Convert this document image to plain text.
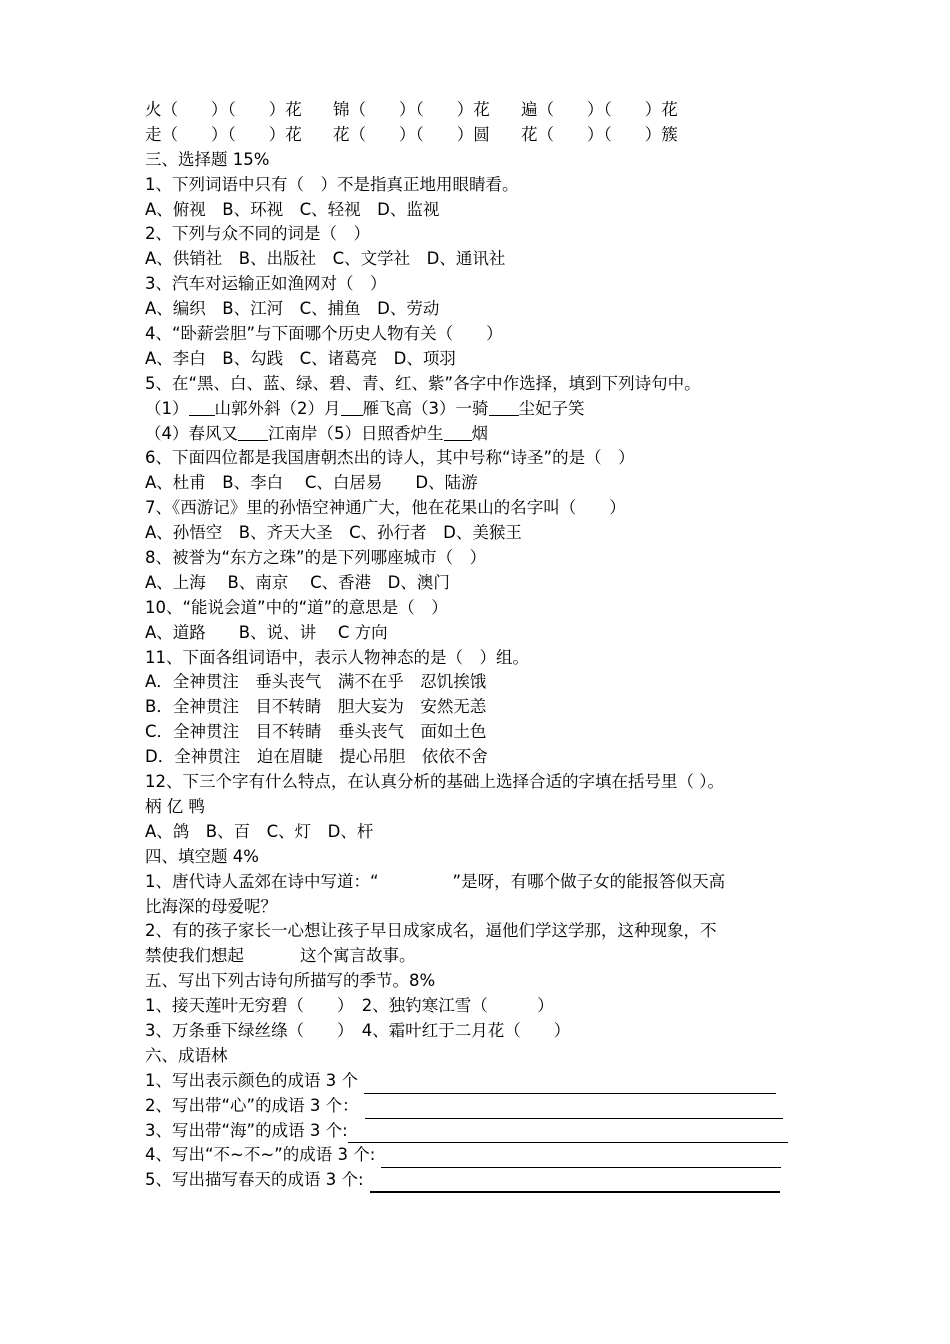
火（　　）（　　）花	锦（　　）（　　）花	遍（　　）（　　）花
走（　　）（　　）花	花（　　）（　　）圆	花（　　）（　　）簇
三、选择题 15%
1、下列词语中只有（　）不是指真正地用眼睛看。
A、俯视　B、环视　C、轻视　D、监视
2、下列与众不同的词是（　）
A、供销社　B、出版社　C、文学社　D、通讯社
3、汽车对运输正如渔网对（　）
A、编织　B、江河　C、捕鱼　D、劳动
4、“卧薪尝胆”与下面哪个历史人物有关（　　）
A、李白　B、勾践　C、诸葛亮　D、项羽
5、在“黑、白、蓝、绿、碧、青、红、紫”各字中作选择，填到下列诗句中。
（1） 山郭外斜（2）月 雁飞高（3）一骑 尘妃子笑
（4）春风又 江南岸（5）日照香炉生 烟
6、下面四位都是我国唐朝杰出的诗人，其中号称“诗圣”的是（　）
A、杜甫　B、李白　 C、白居易　　D、陆游
7、《西游记》里的孙悟空神通广大，他在花果山的名字叫（　　）
A、孙悟空　B、齐天大圣　C、孙行者　D、美猴王
8、被誉为“东方之珠”的是下列哪座城市（　）
A、上海　 B、南京　 C、香港　D、澳门
10、“能说会道”中的“道”的意思是（　）
A、道路　　B、说、讲　 C 方向
11、下面各组词语中，表示人物神态的是（　）组。
A．全神贯注　垂头丧气　满不在乎　忍饥挨饿
B．全神贯注　目不转睛　胆大妄为　安然无恙
C．全神贯注　目不转睛　垂头丧气　面如土色
D．全神贯注　迫在眉睫　提心吊胆　依依不舍
12、下三个字有什么特点，在认真分析的基础上选择合适的字填在括号里（ ）。
柄 亿 鸭
A、鸽　B、百　C、灯　D、杆
四、填空题 4%
1、唐代诗人孟郊在诗中写道：“	”是呀，有哪个做子女的能报答似天高
比海深的母爱呢？
2、有的孩子家长一心想让孩子早日成家成名，逼他们学这学那，这种现象，不
禁使我们想起	这个寓言故事。
五、写出下列古诗句所描写的季节。8%
1、接天莲叶无穷碧（　　）　2、独钓寒江雪（　　　）
3、万条垂下绿丝绦（　　）　4、霜叶红于二月花（　　）
六、成语林
1、写出表示颜色的成语 3 个
2、写出带“心”的成语 3 个：
3、写出带“海”的成语 3 个:
4、写出“不~不~”的成语 3 个:
5、写出描写春天的成语 3 个:
